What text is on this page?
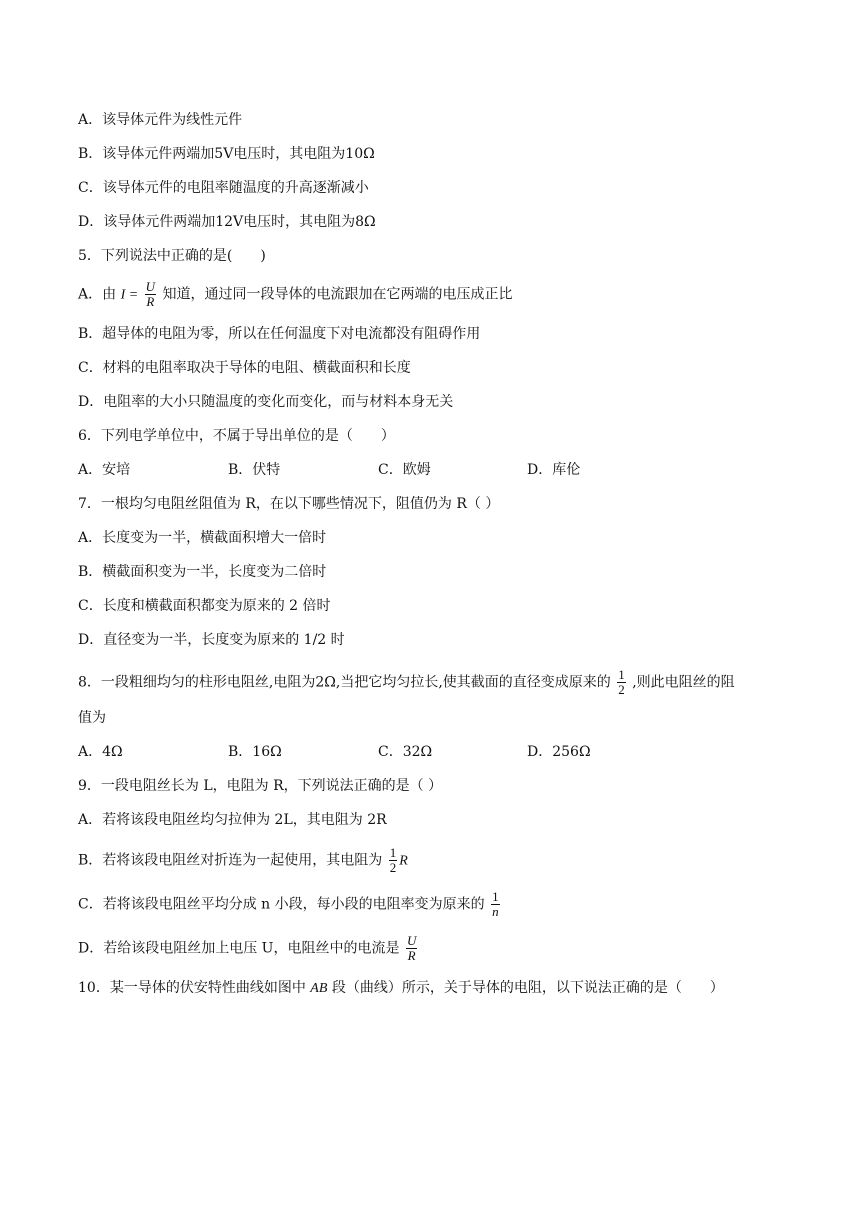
A．该导体元件为线性元件
B．该导体元件两端加5V电压时，其电阻为10Ω
C．该导体元件的电阻率随温度的升高逐渐减小
D．该导体元件两端加12V电压时，其电阻为8Ω
5．下列说法中正确的是(　　)
A．由 $I = \frac{U}{R}$ 知道，通过同一段导体的电流跟加在它两端的电压成正比
B．超导体的电阻为零，所以在任何温度下对电流都没有阻碍作用
C．材料的电阻率取决于导体的电阻、横截面积和长度
D．电阻率的大小只随温度的变化而变化，而与材料本身无关
6．下列电学单位中，不属于导出单位的是（　　）
A．安培	B．伏特	C．欧姆	D．库伦
7．一根均匀电阻丝阻值为 R，在以下哪些情况下，阻值仍为 R（ ）
A．长度变为一半，横截面积增大一倍时
B．横截面积变为一半，长度变为二倍时
C．长度和横截面积都变为原来的 2 倍时
D．直径变为一半，长度变为原来的 1/2 时
8．一段粗细均匀的柱形电阻丝,电阻为2Ω,当把它均匀拉长,使其截面的直径变成原来的 $\frac{1}{2}$ ,则此电阻丝的阻
值为
A．4Ω	B．16Ω	C．32Ω	D．256Ω
9．一段电阻丝长为 L，电阻为 R，下列说法正确的是（ ）
A．若将该段电阻丝均匀拉伸为 2L，其电阻为 2R
B．若将该段电阻丝对折连为一起使用，其电阻为 $\frac{1}{2}$ R
C．若将该段电阻丝平均分成 n 小段，每小段的电阻率变为原来的 $\frac{1}{n}$
D．若给该段电阻丝加上电压 U，电阻丝中的电流是 $\frac{U}{R}$
10．某一导体的伏安特性曲线如图中 AB 段（曲线）所示，关于导体的电阻，以下说法正确的是（　　）
